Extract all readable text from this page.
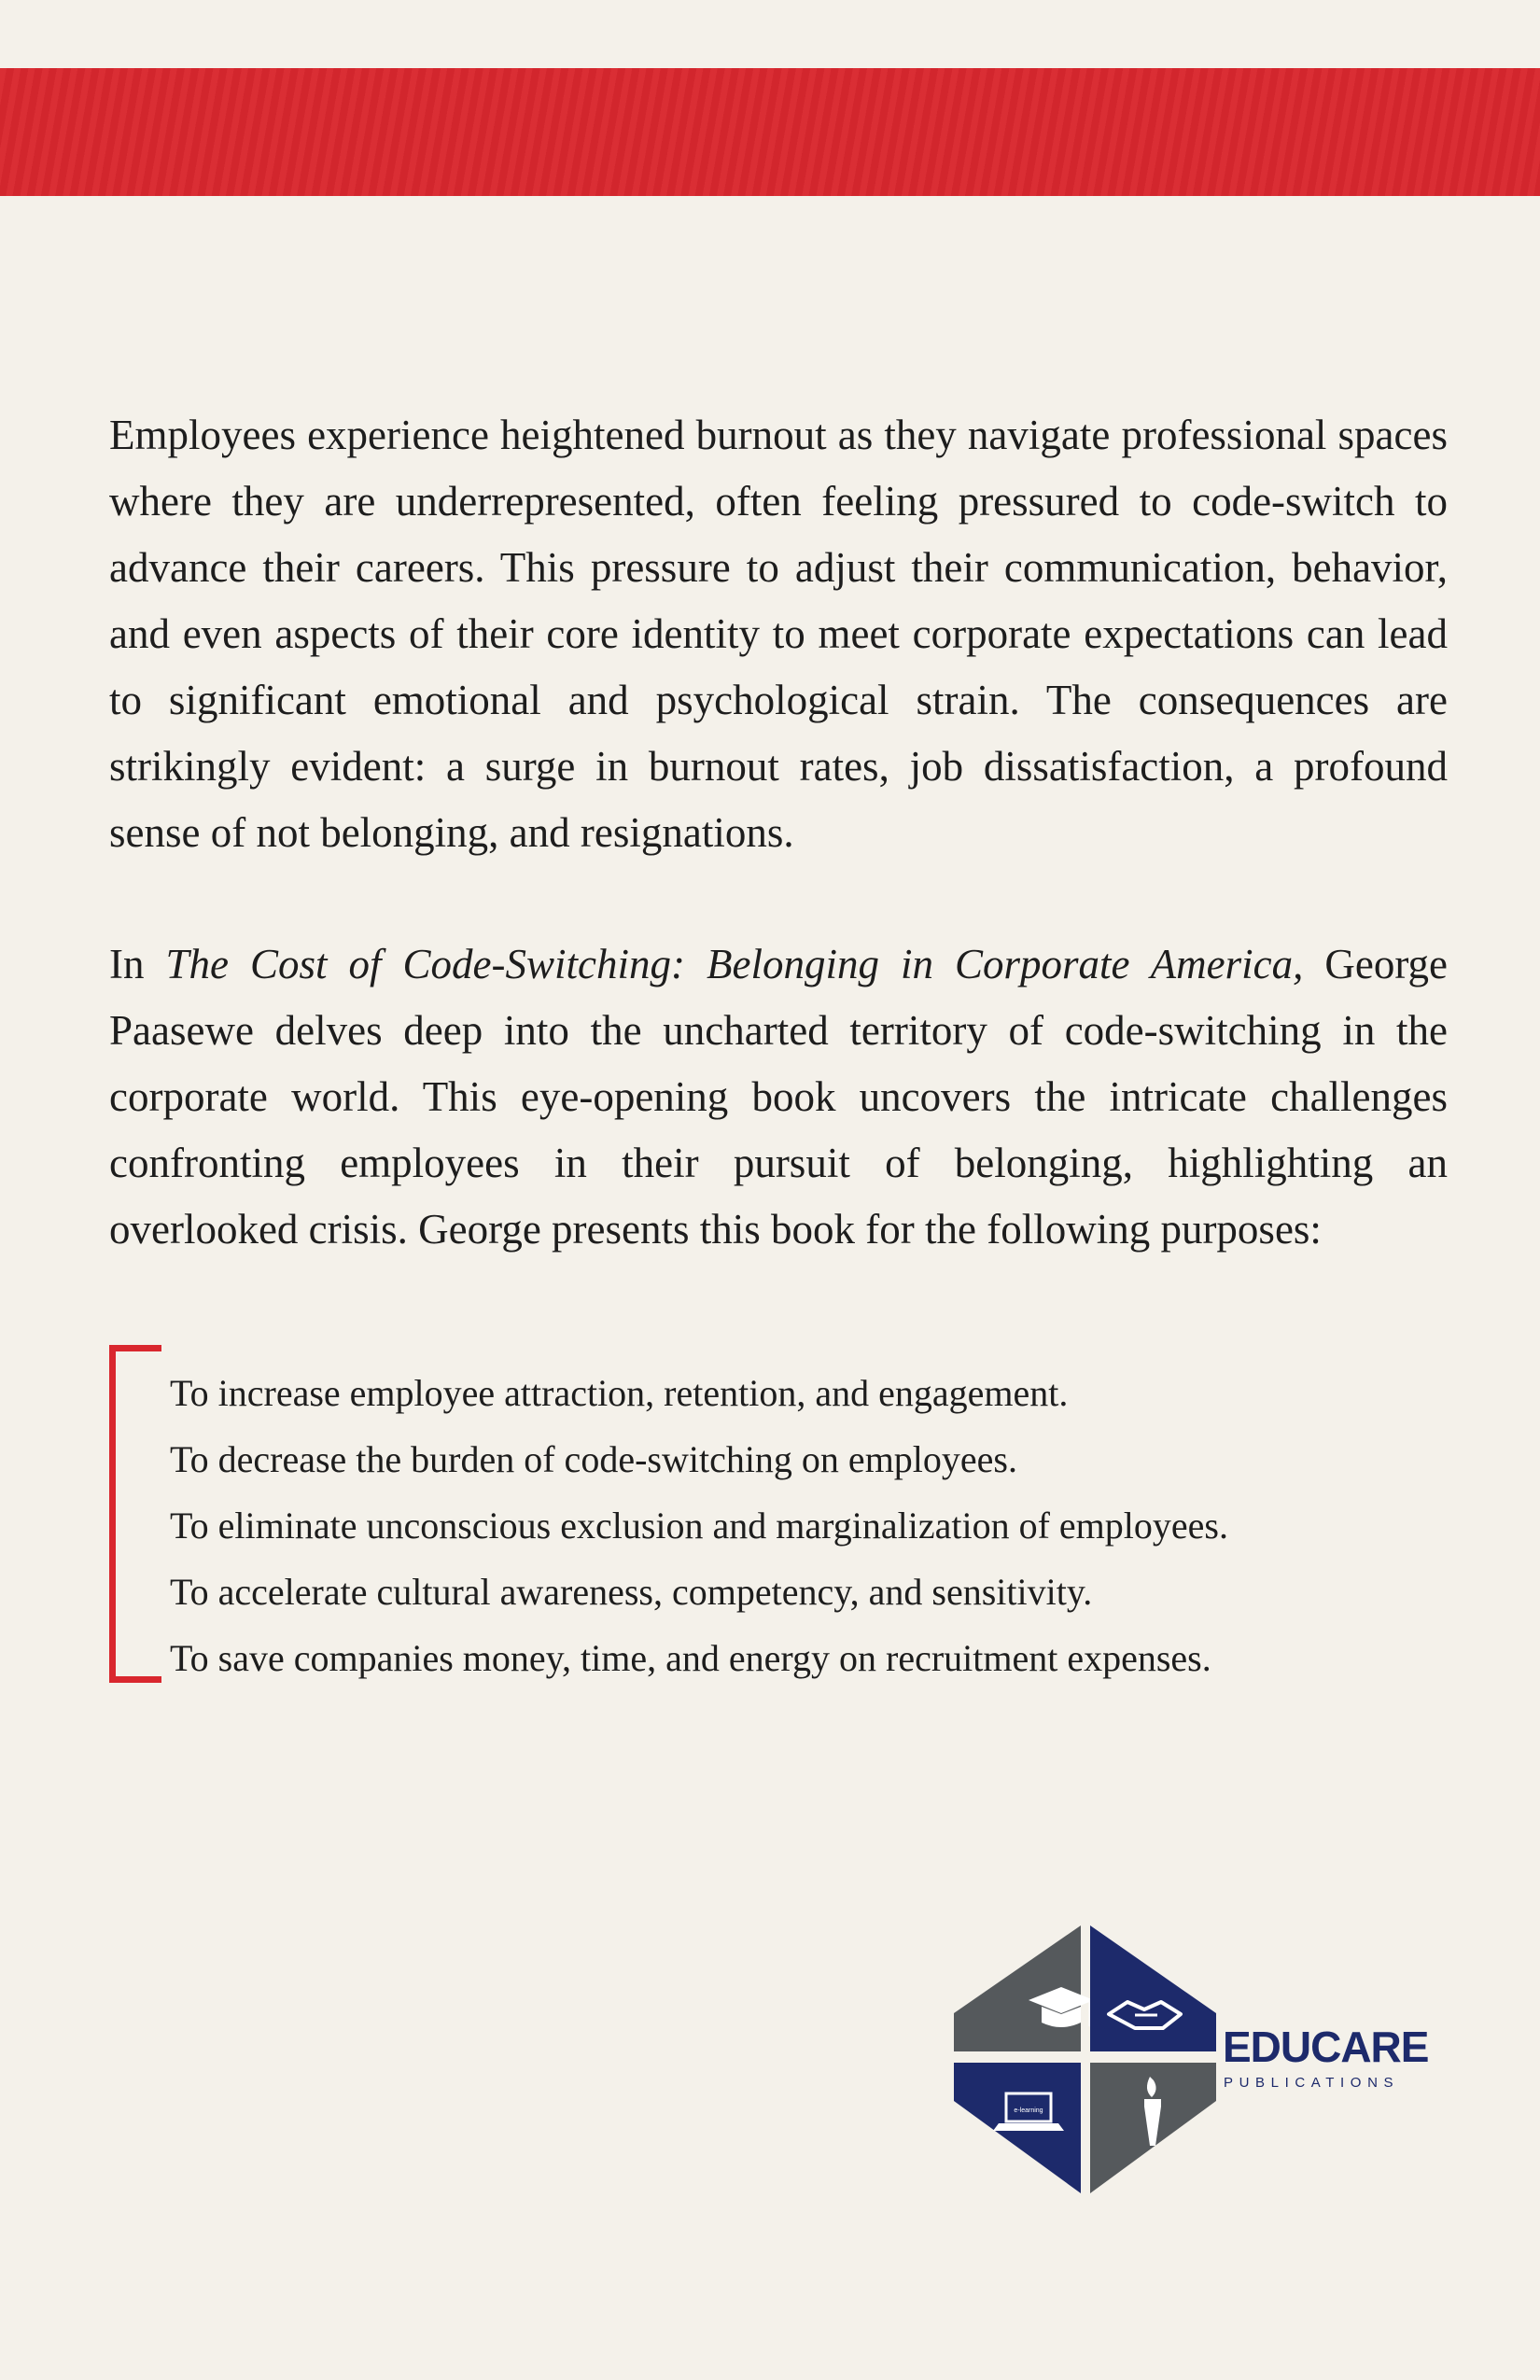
Employees experience heightened burnout as they navigate professional spaces where they are underrepresented, often feeling pressured to code-switch to advance their careers. This pressure to adjust their communication, behavior, and even aspects of their core identity to meet corporate expectations can lead to significant emotional and psychological strain. The consequences are strikingly evident: a surge in burnout rates, job dissatisfaction, a profound sense of not belonging, and resignations.

In The Cost of Code-Switching: Belonging in Corporate America, George Paasewe delves deep into the uncharted territory of code-switching in the corporate world. This eye-opening book uncovers the intricate challenges confronting employees in their pursuit of belonging, highlighting an overlooked crisis. George presents this book for the following purposes:

To increase employee attraction, retention, and engagement.
To decrease the burden of code-switching on employees.
To eliminate unconscious exclusion and marginalization of employees.
To accelerate cultural awareness, competency, and sensitivity.
To save companies money, time, and energy on recruitment expenses.
e-learning
EDUCARE
PUBLICATIONS
